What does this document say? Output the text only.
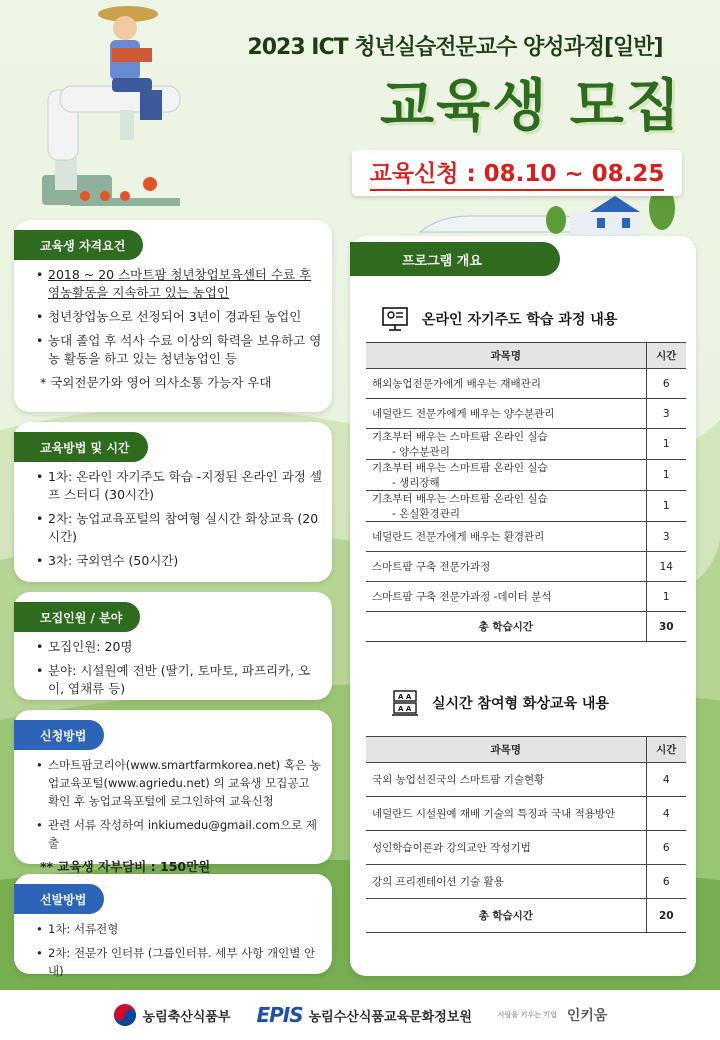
2023 ICT 청년실습전문교수 양성과정[일반]
교육생 모집
교육신청 : 08.10 ~ 08.25
교육생 자격요건
• 2018 ~ 20 스마트팜 청년창업보육센터 수료 후 영농활동을 지속하고 있는 농업인
• 청년창업농으로 선정되어 3년이 경과된 농업인
• 농대 졸업 후 석사 수료 이상의 학력을 보유하고 영농 활동을 하고 있는 청년농업인 등
* 국외전문가와 영어 의사소통 가능자 우대
교육방법 및 시간
• 1차: 온라인 자기주도 학습 -지정된 온라인 과정 셀프 스터디 (30시간)
• 2차: 농업교육포털의 참여형 실시간 화상교육 (20시간)
• 3차: 국외연수 (50시간)
모집인원 / 분야
• 모집인원: 20명
• 분야: 시설원예 전반 (딸기, 토마토, 파프리카, 오이, 엽채류 등)
신청방법
• 스마트팜코리아(www.smartfarmkorea.net) 혹은 농업교육포털(www.agriedu.net) 의 교육생 모집공고 확인 후 농업교육포털에 로그인하여 교육신청
• 관련 서류 작성하여 inkiumedu@gmail.com으로 제출
** 교육생 자부담비 : 150만원
선발방법
• 1차: 서류전형
• 2차: 전문가 인터뷰 (그룹인터뷰. 세부 사항 개인별 안내)
프로그램 개요
온라인 자기주도 학습 과정 내용
과목명	시간
해외농업전문가에게 배우는 재배관리	6
네덜란드 전문가에게 배우는 양수분관리	3
기초부터 배우는 스마트팜 온라인 실습
- 양수분관리	1
기초부터 배우는 스마트팜 온라인 실습
- 생리장해	1
기초부터 배우는 스마트팜 온라인 실습
- 온실환경관리	1
네덜란드 전문가에게 배우는 환경관리	3
스마트팜 구축 전문가과정	14
스마트팜 구축 전문가과정 -데이터 분석	1
총 학습시간	30
A A
A A 실시간 참여형 화상교육 내용
과목명	시간
국외 농업선진국의 스마트팜 기술현황	4
네덜란드 시설원예 재배 기술의 특징과 국내 적용방안	4
성인학습이론과 강의교안 작성기법	6
강의 프리젠테이션 기술 활용	6
총 학습시간	20
농림축산식품부 EPIS 농림수산식품교육문화정보원	사람을 키우는 기업 인키움
